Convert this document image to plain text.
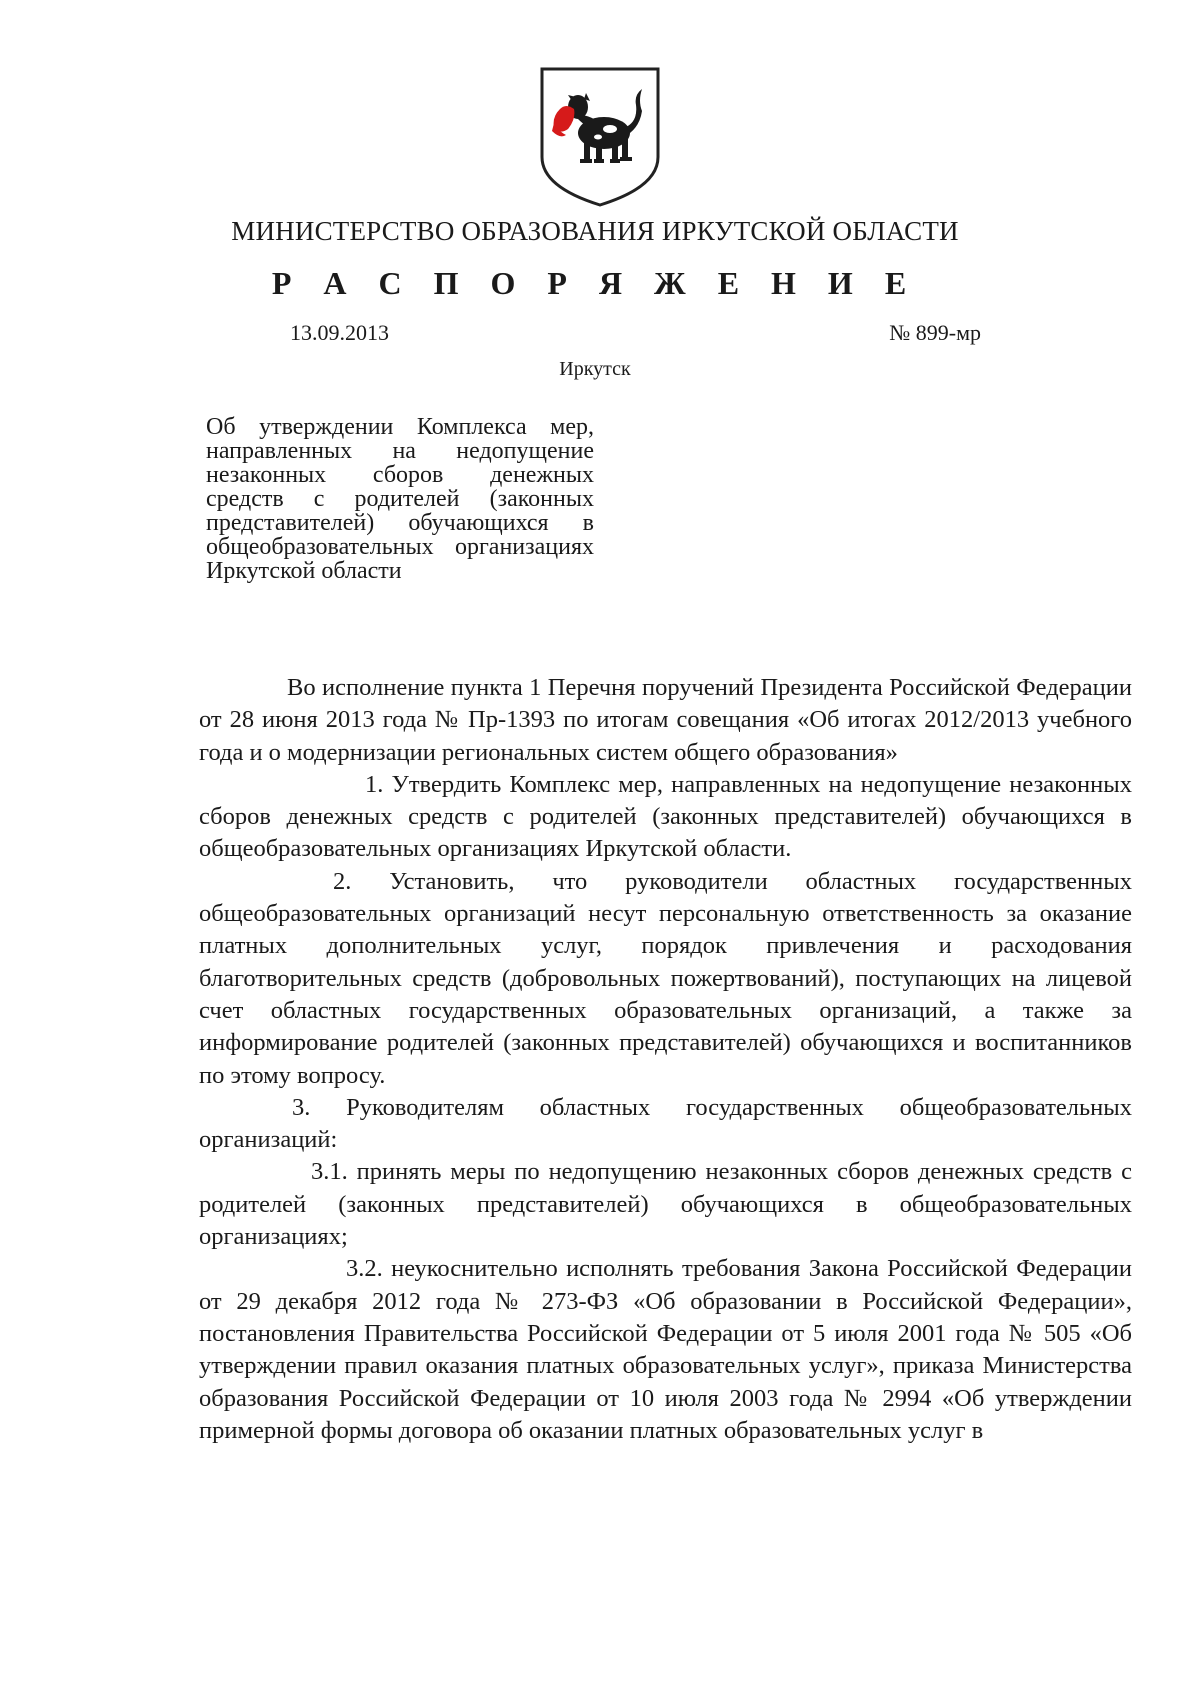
МИНИСТЕРСТВО ОБРАЗОВАНИЯ ИРКУТСКОЙ ОБЛАСТИ
Р А С П О Р Я Ж Е Н И Е
13.09.2013	№ 899-мр
Иркутск
Об утверждении Комплекса мер, направленных на недопущение незаконных сборов денежных средств с родителей (законных представителей) обучающихся в общеобразовательных организациях Иркутской области

Во исполнение пункта 1 Перечня поручений Президента Российской Федерации от 28 июня 2013 года № Пр-1393 по итогам совещания «Об итогах 2012/2013 учебного года и о модернизации региональных систем общего образования»

1. Утвердить Комплекс мер, направленных на недопущение незаконных сборов денежных средств с родителей (законных представителей) обучающихся в общеобразовательных организациях Иркутской области.

2. Установить, что руководители областных государственных общеобразовательных организаций несут персональную ответственность за оказание платных дополнительных услуг, порядок привлечения и расходования благотворительных средств (добровольных пожертвований), поступающих на лицевой счет областных государственных образовательных организаций, а также за информирование родителей (законных представителей) обучающихся и воспитанников по этому вопросу.

3. Руководителям областных государственных общеобразовательных организаций:

3.1. принять меры по недопущению незаконных сборов денежных средств с родителей (законных представителей) обучающихся в общеобразовательных организациях;

3.2. неукоснительно исполнять требования Закона Российской Федерации от 29 декабря 2012 года № 273-ФЗ «Об образовании в Российской Федерации», постановления Правительства Российской Федерации от 5 июля 2001 года № 505 «Об утверждении правил оказания платных образовательных услуг», приказа Министерства образования Российской Федерации от 10 июля 2003 года № 2994 «Об утверждении примерной формы договора об оказании платных образовательных услуг в
